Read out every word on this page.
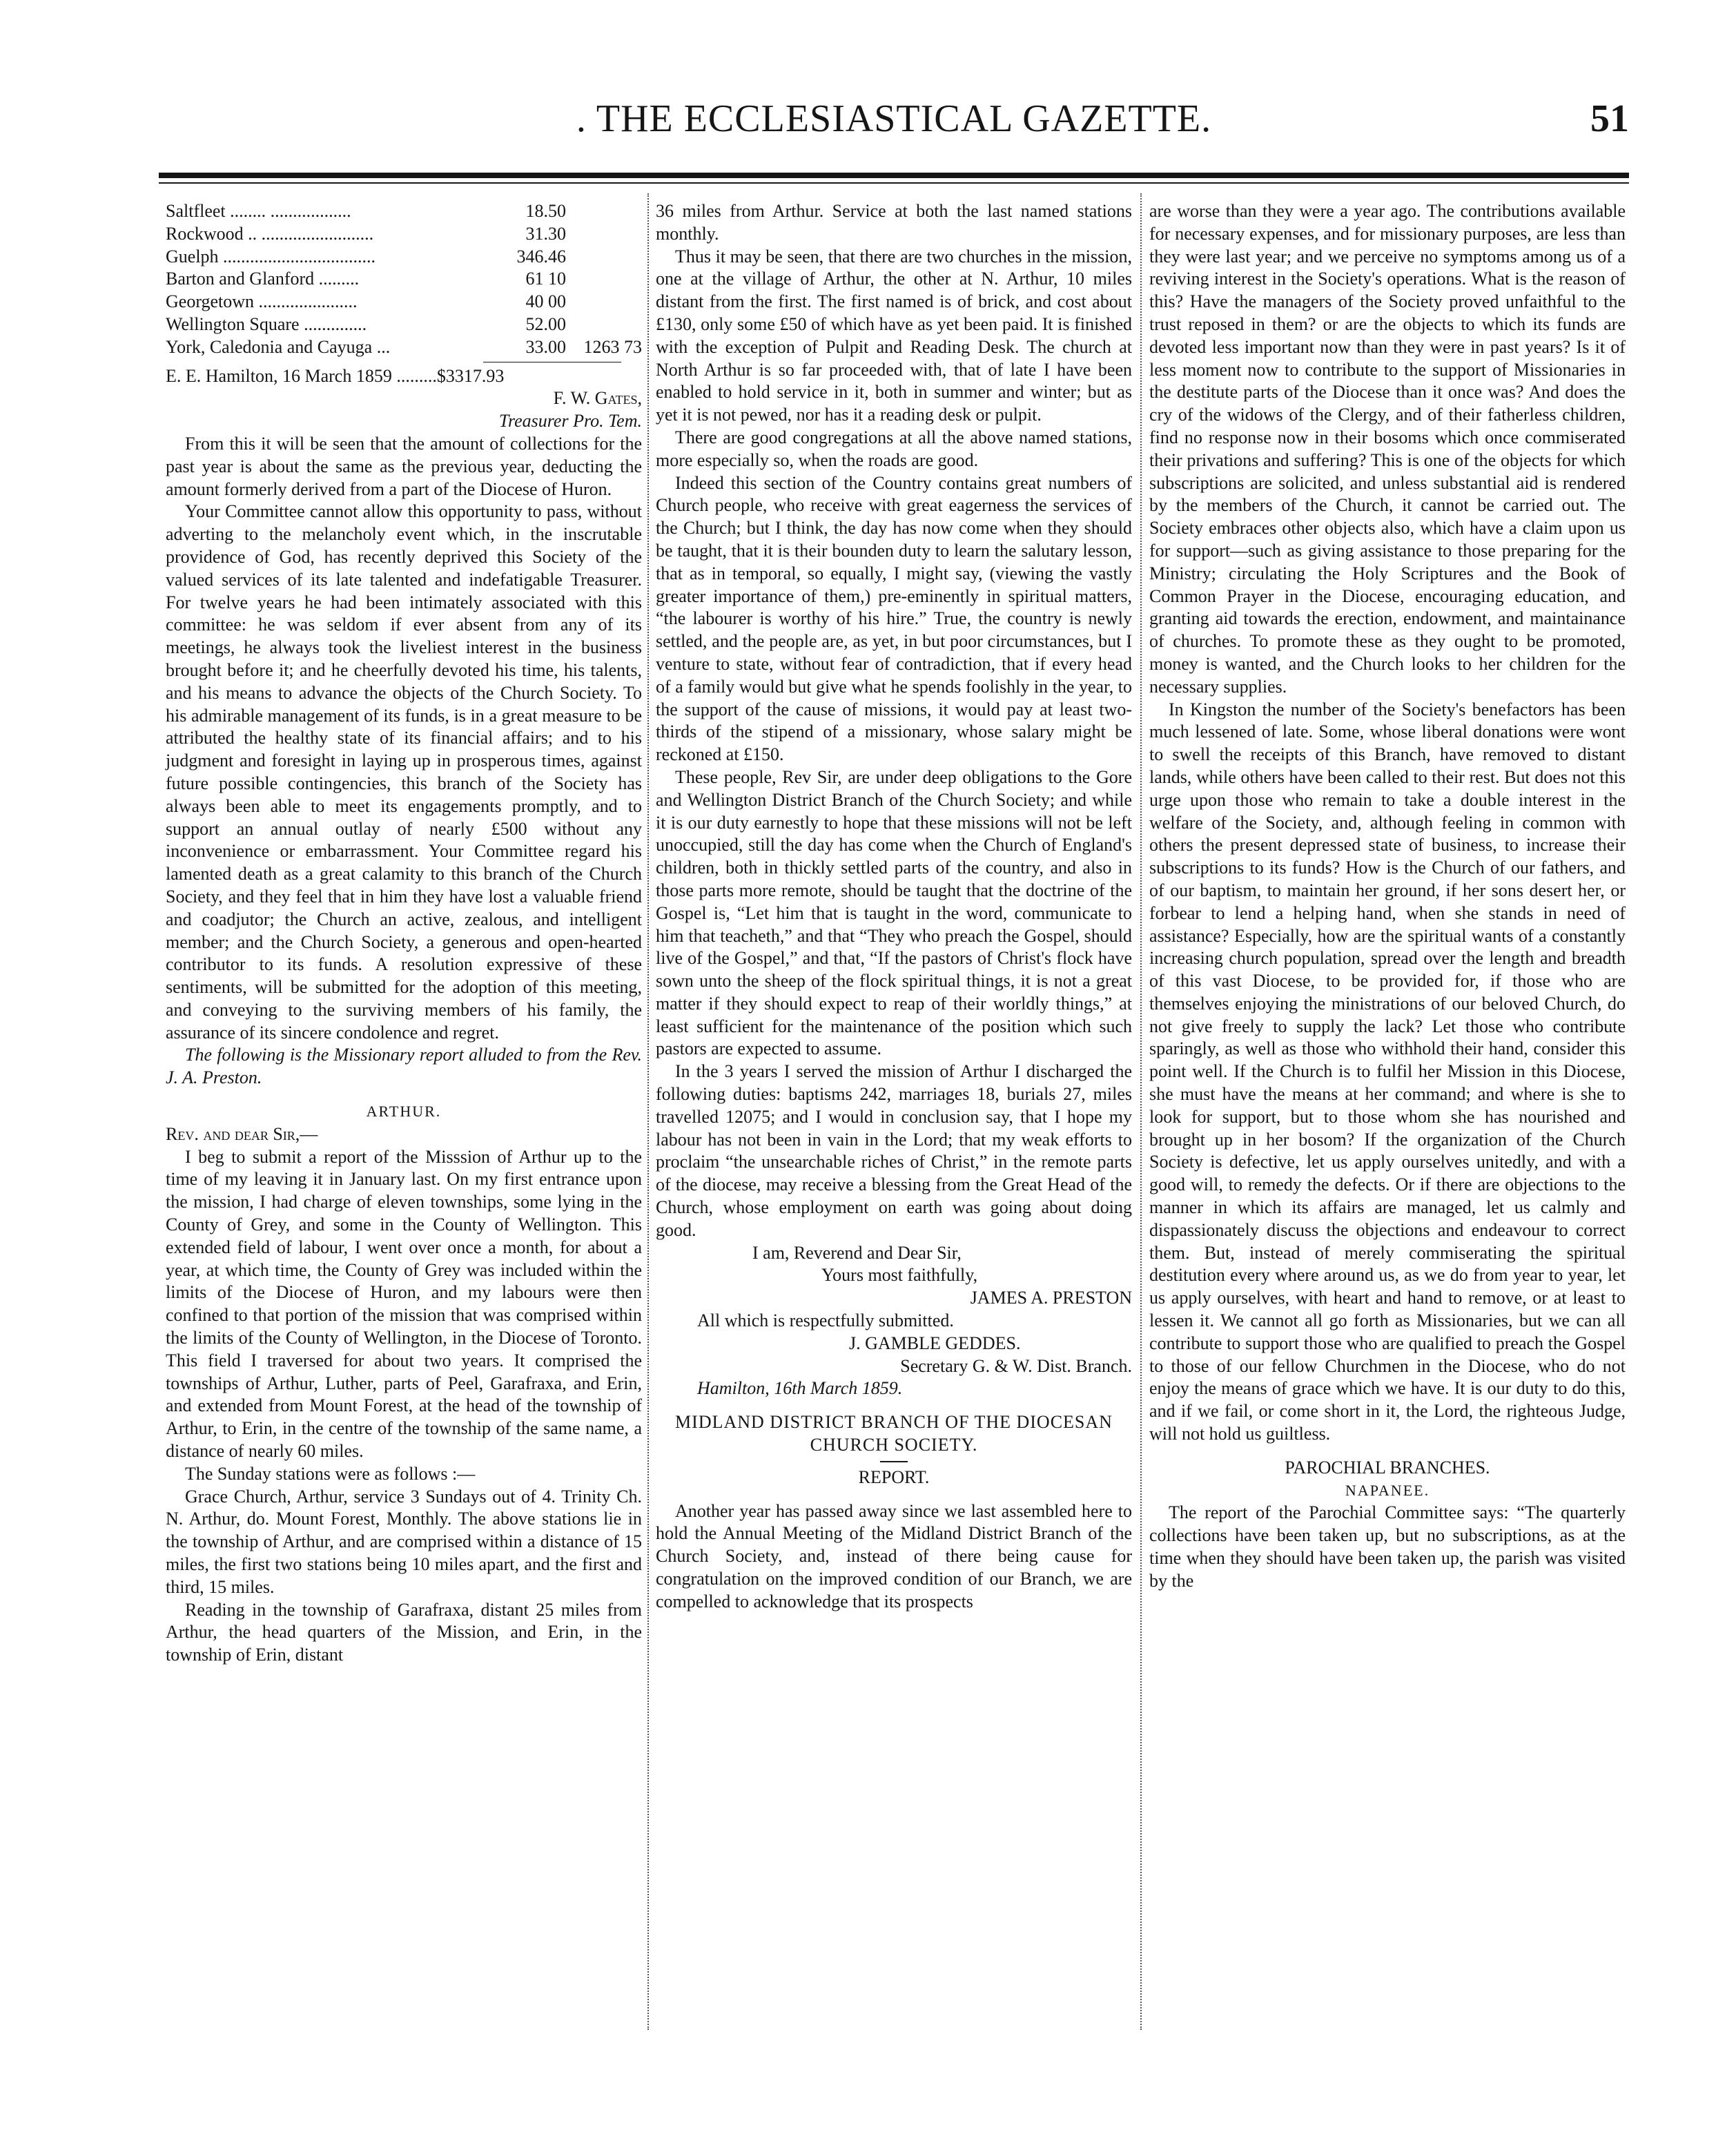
. THE ECCLESIASTICAL GAZETTE.	51
Saltfleet ........ ..................	18.50
Rockwood .. .........................	31.30
Guelph ..................................	346.46
Barton and Glanford .........	61 10
Georgetown ......................	40 00
Wellington Square ..............	52.00
York, Caledonia and Cayuga ...	33.00 1263 73
E. E. Hamilton, 16 March 1859 .........$3317.93
F. W. Gates,
Treasurer Pro. Tem.

From this it will be seen that the amount of collections for the past year is about the same as the previous year, deducting the amount formerly derived from a part of the Diocese of Huron.

Your Committee cannot allow this opportunity to pass, without adverting to the melancholy event which, in the inscrutable providence of God, has recently deprived this Society of the valued services of its late talented and indefatigable Treasurer. For twelve years he had been intimately associated with this committee: he was seldom if ever absent from any of its meetings, he always took the liveliest interest in the business brought before it; and he cheerfully devoted his time, his talents, and his means to advance the objects of the Church Society. To his admirable management of its funds, is in a great measure to be attributed the healthy state of its financial affairs; and to his judgment and foresight in laying up in prosperous times, against future possible contingencies, this branch of the Society has always been able to meet its engagements promptly, and to support an annual outlay of nearly £500 without any inconvenience or embarrassment. Your Committee regard his lamented death as a great calamity to this branch of the Church Society, and they feel that in him they have lost a valuable friend and coadjutor; the Church an active, zealous, and intelligent member; and the Church Society, a generous and open-hearted contributor to its funds. A resolution expressive of these sentiments, will be submitted for the adoption of this meeting, and conveying to the surviving members of his family, the assurance of its sincere condolence and regret.

The following is the Missionary report alluded to from the Rev. J. A. Preston.

ARTHUR.
Rev. and dear Sir,—

I beg to submit a report of the Misssion of Arthur up to the time of my leaving it in January last. On my first entrance upon the mission, I had charge of eleven townships, some lying in the County of Grey, and some in the County of Wellington. This extended field of labour, I went over once a month, for about a year, at which time, the County of Grey was included within the limits of the Diocese of Huron, and my labours were then confined to that portion of the mission that was comprised within the limits of the County of Wellington, in the Diocese of Toronto. This field I traversed for about two years. It comprised the townships of Arthur, Luther, parts of Peel, Garafraxa, and Erin, and extended from Mount Forest, at the head of the township of Arthur, to Erin, in the centre of the township of the same name, a distance of nearly 60 miles.

The Sunday stations were as follows :—

Grace Church, Arthur, service 3 Sundays out of 4. Trinity Ch. N. Arthur, do. Mount Forest, Monthly. The above stations lie in the township of Arthur, and are comprised within a distance of 15 miles, the first two stations being 10 miles apart, and the first and third, 15 miles.

Reading in the township of Garafraxa, distant 25 miles from Arthur, the head quarters of the Mission, and Erin, in the township of Erin, distant

36 miles from Arthur. Service at both the last named stations monthly.

Thus it may be seen, that there are two churches in the mission, one at the village of Arthur, the other at N. Arthur, 10 miles distant from the first. The first named is of brick, and cost about £130, only some £50 of which have as yet been paid. It is finished with the exception of Pulpit and Reading Desk. The church at North Arthur is so far proceeded with, that of late I have been enabled to hold service in it, both in summer and winter; but as yet it is not pewed, nor has it a reading desk or pulpit.

There are good congregations at all the above named stations, more especially so, when the roads are good.

Indeed this section of the Country contains great numbers of Church people, who receive with great eagerness the services of the Church; but I think, the day has now come when they should be taught, that it is their bounden duty to learn the salutary lesson, that as in temporal, so equally, I might say, (viewing the vastly greater importance of them,) pre-eminently in spiritual matters, “the labourer is worthy of his hire.” True, the country is newly settled, and the people are, as yet, in but poor circumstances, but I venture to state, without fear of contradiction, that if every head of a family would but give what he spends foolishly in the year, to the support of the cause of missions, it would pay at least two-thirds of the stipend of a missionary, whose salary might be reckoned at £150.

These people, Rev Sir, are under deep obligations to the Gore and Wellington District Branch of the Church Society; and while it is our duty earnestly to hope that these missions will not be left unoccupied, still the day has come when the Church of England's children, both in thickly settled parts of the country, and also in those parts more remote, should be taught that the doctrine of the Gospel is, “Let him that is taught in the word, communicate to him that teacheth,” and that “They who preach the Gospel, should live of the Gospel,” and that, “If the pastors of Christ's flock have sown unto the sheep of the flock spiritual things, it is not a great matter if they should expect to reap of their worldly things,” at least sufficient for the maintenance of the position which such pastors are expected to assume.

In the 3 years I served the mission of Arthur I discharged the following duties: baptisms 242, marriages 18, burials 27, miles travelled 12075; and I would in conclusion say, that I hope my labour has not been in vain in the Lord; that my weak efforts to proclaim “the unsearchable riches of Christ,” in the remote parts of the diocese, may receive a blessing from the Great Head of the Church, whose employment on earth was going about doing good.

I am, Reverend and Dear Sir,
Yours most faithfully,
JAMES A. PRESTON
All which is respectfully submitted.
J. GAMBLE GEDDES.
Secretary G. & W. Dist. Branch.
Hamilton, 16th March 1859.
MIDLAND DISTRICT BRANCH OF THE DIOCESAN CHURCH SOCIETY.
REPORT.

Another year has passed away since we last assembled here to hold the Annual Meeting of the Midland District Branch of the Church Society, and, instead of there being cause for congratulation on the improved condition of our Branch, we are compelled to acknowledge that its prospects

are worse than they were a year ago. The contributions available for necessary expenses, and for missionary purposes, are less than they were last year; and we perceive no symptoms among us of a reviving interest in the Society's operations. What is the reason of this? Have the managers of the Society proved unfaithful to the trust reposed in them? or are the objects to which its funds are devoted less important now than they were in past years? Is it of less moment now to contribute to the support of Missionaries in the destitute parts of the Diocese than it once was? And does the cry of the widows of the Clergy, and of their fatherless children, find no response now in their bosoms which once commiserated their privations and suffering? This is one of the objects for which subscriptions are solicited, and unless substantial aid is rendered by the members of the Church, it cannot be carried out. The Society embraces other objects also, which have a claim upon us for support—such as giving assistance to those preparing for the Ministry; circulating the Holy Scriptures and the Book of Common Prayer in the Diocese, encouraging education, and granting aid towards the erection, endowment, and maintainance of churches. To promote these as they ought to be promoted, money is wanted, and the Church looks to her children for the necessary supplies.

In Kingston the number of the Society's benefactors has been much lessened of late. Some, whose liberal donations were wont to swell the receipts of this Branch, have removed to distant lands, while others have been called to their rest. But does not this urge upon those who remain to take a double interest in the welfare of the Society, and, although feeling in common with others the present depressed state of business, to increase their subscriptions to its funds? How is the Church of our fathers, and of our baptism, to maintain her ground, if her sons desert her, or forbear to lend a helping hand, when she stands in need of assistance? Especially, how are the spiritual wants of a constantly increasing church population, spread over the length and breadth of this vast Diocese, to be provided for, if those who are themselves enjoying the ministrations of our beloved Church, do not give freely to supply the lack? Let those who contribute sparingly, as well as those who withhold their hand, consider this point well. If the Church is to fulfil her Mission in this Diocese, she must have the means at her command; and where is she to look for support, but to those whom she has nourished and brought up in her bosom? If the organization of the Church Society is defective, let us apply ourselves unitedly, and with a good will, to remedy the defects. Or if there are objections to the manner in which its affairs are managed, let us calmly and dispassionately discuss the objections and endeavour to correct them. But, instead of merely commiserating the spiritual destitution every where around us, as we do from year to year, let us apply ourselves, with heart and hand to remove, or at least to lessen it. We cannot all go forth as Missionaries, but we can all contribute to support those who are qualified to preach the Gospel to those of our fellow Churchmen in the Diocese, who do not enjoy the means of grace which we have. It is our duty to do this, and if we fail, or come short in it, the Lord, the righteous Judge, will not hold us guiltless.

PAROCHIAL BRANCHES.
NAPANEE.

The report of the Parochial Committee says: “The quarterly collections have been taken up, but no subscriptions, as at the time when they should have been taken up, the parish was visited by the
